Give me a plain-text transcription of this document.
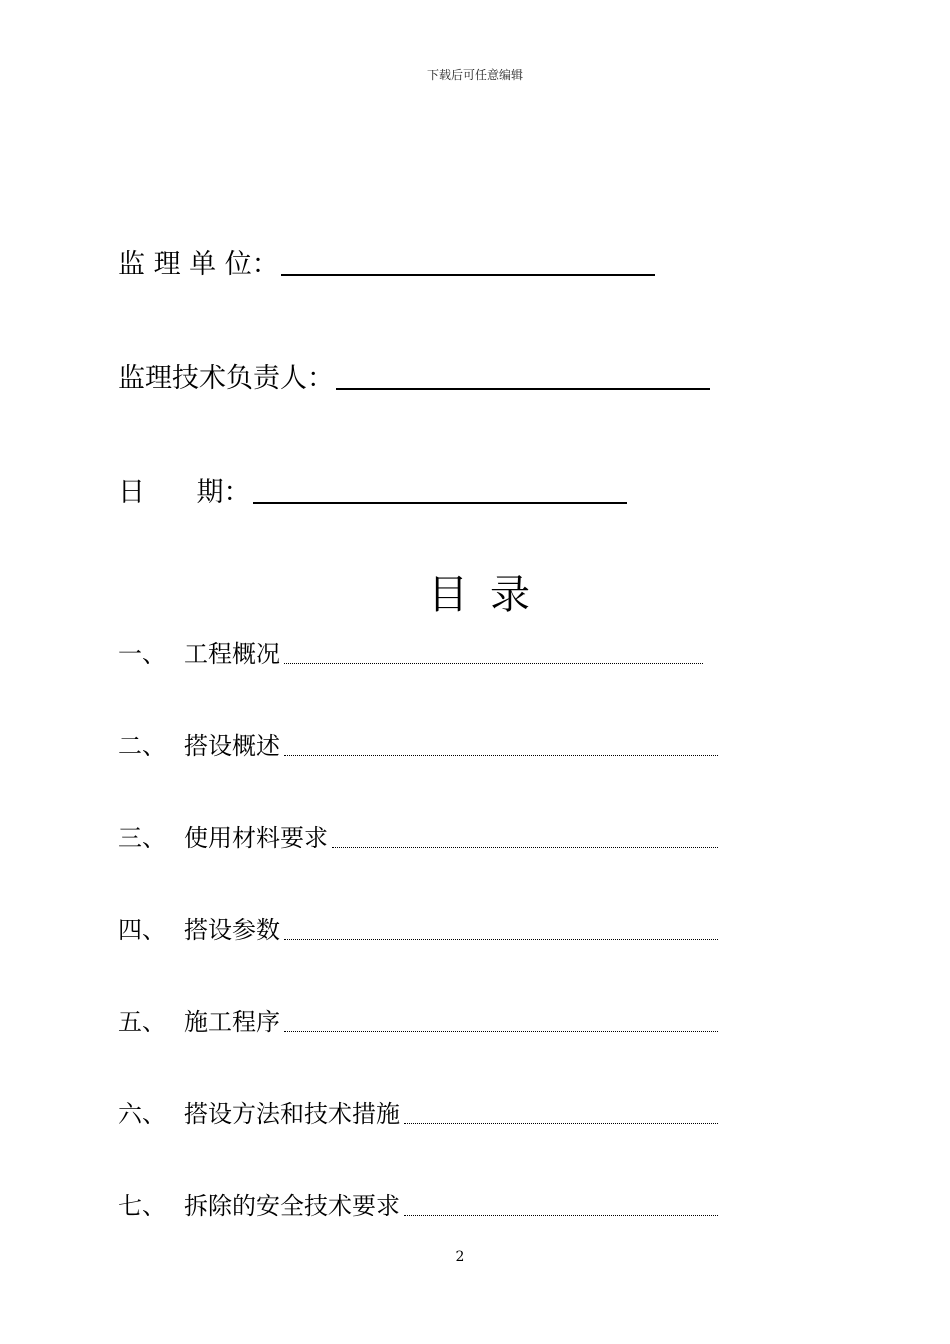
下载后可任意编辑
监 理 单 位：
监理技术负责人：
日      期：
目录
一、 工程概况
二、 搭设概述
三、 使用材料要求
四、 搭设参数
五、 施工程序
六、 搭设方法和技术措施
七、 拆除的安全技术要求
2
